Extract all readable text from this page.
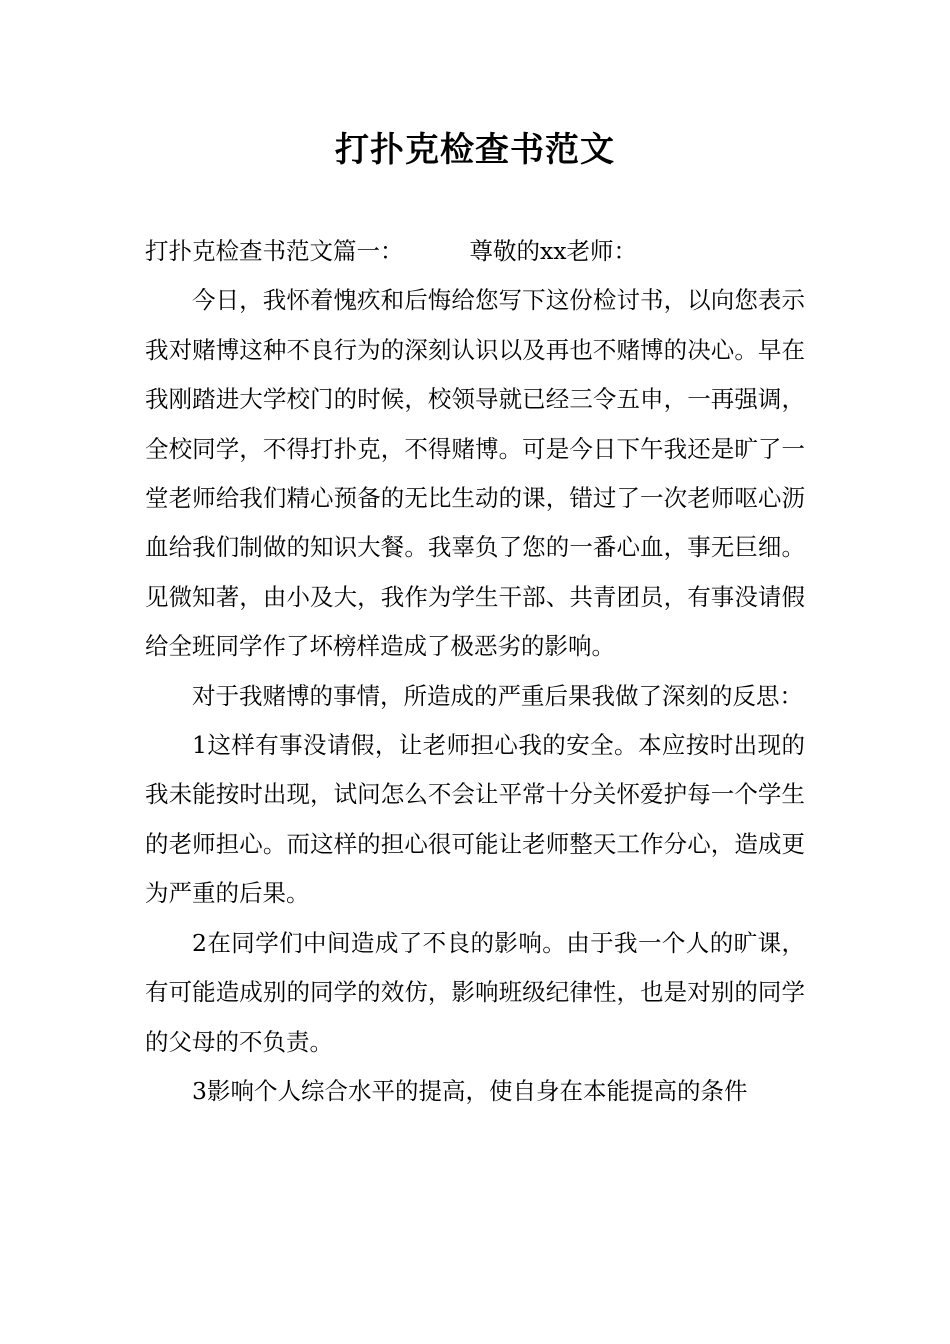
打扑克检查书范文

打扑克检查书范文篇一：	尊敬的xx老师：

今日，我怀着愧疚和后悔给您写下这份检讨书，以向您表示我对赌博这种不良行为的深刻认识以及再也不赌博的决心。早在我刚踏进大学校门的时候，校领导就已经三令五申，一再强调，全校同学，不得打扑克，不得赌博。可是今日下午我还是旷了一堂老师给我们精心预备的无比生动的课，错过了一次老师呕心沥血给我们制做的知识大餐。我辜负了您的一番心血，事无巨细。见微知著，由小及大，我作为学生干部、共青团员，有事没请假给全班同学作了坏榜样造成了极恶劣的影响。

对于我赌博的事情，所造成的严重后果我做了深刻的反思：

1这样有事没请假，让老师担心我的安全。本应按时出现的我未能按时出现，试问怎么不会让平常十分关怀爱护每一个学生的老师担心。而这样的担心很可能让老师整天工作分心，造成更为严重的后果。

2在同学们中间造成了不良的影响。由于我一个人的旷课，有可能造成别的同学的效仿，影响班级纪律性，也是对别的同学的父母的不负责。

3影响个人综合水平的提高，使自身在本能提高的条件
